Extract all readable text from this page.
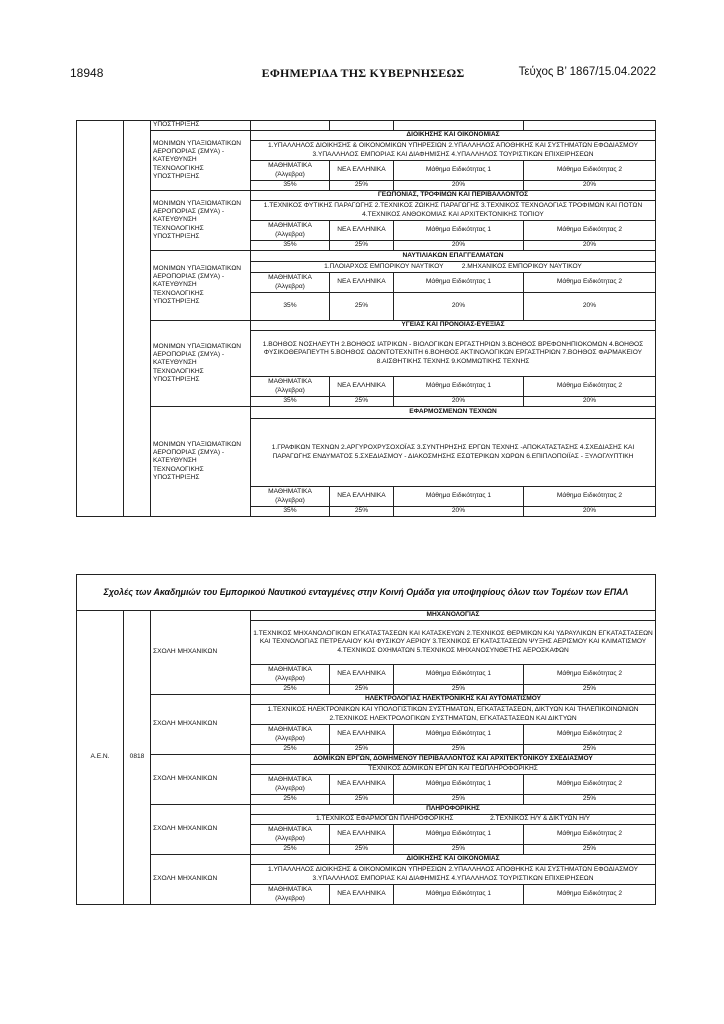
18948	ΕΦΗΜΕΡΙΔΑ ΤΗΣ ΚΥΒΕΡΝΗΣΕΩΣ	Τεύχος Β’ 1867/15.04.2022
		ΥΠΟΣΤΗΡΙΞΗΣ				
		ΜΟΝΙΜΩΝ ΥΠΑΞΙΩΜΑΤΙΚΩΝ ΑΕΡΟΠΟΡΙΑΣ (ΣΜΥΑ) - ΚΑΤΕΥΘΥΝΣΗ ΤΕΧΝΟΛΟΓΙΚΗΣ ΥΠΟΣΤΗΡΙΞΗΣ	ΔΙΟΙΚΗΣΗΣ ΚΑΙ ΟΙΚΟΝΟΜΙΑΣ			
			1.ΥΠΑΛΛΗΛΟΣ ΔΙΟΙΚΗΣΗΣ & ΟΙΚΟΝΟΜΙΚΩΝ ΥΠΗΡΕΣΙΩΝ 2.ΥΠΑΛΛΗΛΟΣ ΑΠΟΘΗΚΗΣ ΚΑΙ ΣΥΣΤΗΜΑΤΩΝ ΕΦΟΔΙΑΣΜΟΥ 3.ΥΠΑΛΛΗΛΟΣ ΕΜΠΟΡΙΑΣ ΚΑΙ ΔΙΑΦΗΜΙΣΗΣ 4.ΥΠΑΛΛΗΛΟΣ ΤΟΥΡΙΣΤΙΚΩΝ ΕΠΙΧΕΙΡΗΣΕΩΝ			
			ΜΑΘΗΜΑΤΙΚΑ (Άλγεβρα)	ΝΕΑ ΕΛΛΗΝΙΚΑ	Μάθημα Ειδικότητας 1	Μάθημα Ειδικότητας 2
			35%	25%	20%	20%
		ΜΟΝΙΜΩΝ ΥΠΑΞΙΩΜΑΤΙΚΩΝ ΑΕΡΟΠΟΡΙΑΣ (ΣΜΥΑ) - ΚΑΤΕΥΘΥΝΣΗ ΤΕΧΝΟΛΟΓΙΚΗΣ ΥΠΟΣΤΗΡΙΞΗΣ	ΓΕΩΠΟΝΙΑΣ, ΤΡΟΦΙΜΩΝ ΚΑΙ ΠΕΡΙΒΑΛΛΟΝΤΟΣ			
			1.ΤΕΧΝΙΚΟΣ ΦΥΤΙΚΗΣ ΠΑΡΑΓΩΓΗΣ 2.ΤΕΧΝΙΚΟΣ ΖΩΙΚΗΣ ΠΑΡΑΓΩΓΗΣ 3.ΤΕΧΝΙΚΟΣ ΤΕΧΝΟΛΟΓΙΑΣ ΤΡΟΦΙΜΩΝ ΚΑΙ ΠΟΤΩΝ 4.ΤΕΧΝΙΚΟΣ ΑΝΘΟΚΟΜΙΑΣ ΚΑΙ ΑΡΧΙΤΕΚΤΟΝΙΚΗΣ ΤΟΠΙΟΥ			
			ΜΑΘΗΜΑΤΙΚΑ (Άλγεβρα)	ΝΕΑ ΕΛΛΗΝΙΚΑ	Μάθημα Ειδικότητας 1	Μάθημα Ειδικότητας 2
			35%	25%	20%	20%
		ΜΟΝΙΜΩΝ ΥΠΑΞΙΩΜΑΤΙΚΩΝ ΑΕΡΟΠΟΡΙΑΣ (ΣΜΥΑ) - ΚΑΤΕΥΘΥΝΣΗ ΤΕΧΝΟΛΟΓΙΚΗΣ ΥΠΟΣΤΗΡΙΞΗΣ	ΝΑΥΤΙΛΙΑΚΩΝ ΕΠΑΓΓΕΛΜΑΤΩΝ			
			1.ΠΛΟΙΑΡΧΟΣ ΕΜΠΟΡΙΚΟΥ ΝΑΥΤΙΚΟΥ          2.ΜΗΧΑΝΙΚΟΣ ΕΜΠΟΡΙΚΟΥ ΝΑΥΤΙΚΟΥ			
			ΜΑΘΗΜΑΤΙΚΑ (Άλγεβρα)	ΝΕΑ ΕΛΛΗΝΙΚΑ	Μάθημα Ειδικότητας 1	Μάθημα Ειδικότητας 2
			35%	25%	20%	20%
		ΜΟΝΙΜΩΝ ΥΠΑΞΙΩΜΑΤΙΚΩΝ ΑΕΡΟΠΟΡΙΑΣ (ΣΜΥΑ) - ΚΑΤΕΥΘΥΝΣΗ ΤΕΧΝΟΛΟΓΙΚΗΣ ΥΠΟΣΤΗΡΙΞΗΣ	ΥΓΕΙΑΣ ΚΑΙ ΠΡΟΝΟΙΑΣ-ΕΥΕΞΙΑΣ			
			1.ΒΟΗΘΟΣ ΝΟΣΗΛΕΥΤΗ 2.ΒΟΗΘΟΣ ΙΑΤΡΙΚΩΝ - ΒΙΟΛΟΓΙΚΩΝ ΕΡΓΑΣΤΗΡΙΩΝ 3.ΒΟΗΘΟΣ ΒΡΕΦΟΝΗΠΙΟΚΟΜΩΝ 4.ΒΟΗΘΟΣ ΦΥΣΙΚΟΘΕΡΑΠΕΥΤΗ 5.ΒΟΗΘΟΣ ΟΔΟΝΤΟΤΕΧΝΙΤΗ 6.ΒΟΗΘΟΣ ΑΚΤΙΝΟΛΟΓΙΚΩΝ ΕΡΓΑΣΤΗΡΙΩΝ 7.ΒΟΗΘΟΣ ΦΑΡΜΑΚΕΙΟΥ 8.ΑΙΣΘΗΤΙΚΗΣ ΤΕΧΝΗΣ 9.ΚΟΜΜΩΤΙΚΗΣ ΤΕΧΝΗΣ			
			ΜΑΘΗΜΑΤΙΚΑ (Άλγεβρα)	ΝΕΑ ΕΛΛΗΝΙΚΑ	Μάθημα Ειδικότητας 1	Μάθημα Ειδικότητας 2
			35%	25%	20%	20%
		ΜΟΝΙΜΩΝ ΥΠΑΞΙΩΜΑΤΙΚΩΝ ΑΕΡΟΠΟΡΙΑΣ (ΣΜΥΑ) - ΚΑΤΕΥΘΥΝΣΗ ΤΕΧΝΟΛΟΓΙΚΗΣ ΥΠΟΣΤΗΡΙΞΗΣ	ΕΦΑΡΜΟΣΜΕΝΩΝ ΤΕΧΝΩΝ			
			1.ΓΡΑΦΙΚΩΝ ΤΕΧΝΩΝ 2.ΑΡΓΥΡΟΧΡΥΣΟΧΟΪΑΣ 3.ΣΥΝΤΗΡΗΣΗΣ ΕΡΓΩΝ ΤΕΧΝΗΣ -ΑΠΟΚΑΤΑΣΤΑΣΗΣ 4.ΣΧΕΔΙΑΣΗΣ ΚΑΙ ΠΑΡΑΓΩΓΗΣ ΕΝΔΥΜΑΤΟΣ 5.ΣΧΕΔΙΑΣΜΟΥ - ΔΙΑΚΟΣΜΗΣΗΣ ΕΣΩΤΕΡΙΚΩΝ ΧΩΡΩΝ 6.ΕΠΙΠΛΟΠΟΙΪΑΣ - ΞΥΛΟΓΛΥΠΤΙΚΗ			
			ΜΑΘΗΜΑΤΙΚΑ (Άλγεβρα)	ΝΕΑ ΕΛΛΗΝΙΚΑ	Μάθημα Ειδικότητας 1	Μάθημα Ειδικότητας 2
			35%	25%	20%	20%
Σχολές των Ακαδημιών του Εμπορικού Ναυτικού ενταγμένες στην Κοινή Ομάδα για υποψηφίους όλων των Τομέων των ΕΠΑΛ						
Α.Ε.Ν.	0818	ΣΧΟΛΗ ΜΗΧΑΝΙΚΩΝ	ΜΗΧΑΝΟΛΟΓΙΑΣ			
			1.ΤΕΧΝΙΚΟΣ ΜΗΧΑΝΟΛΟΓΙΚΩΝ ΕΓΚΑΤΑΣΤΑΣΕΩΝ ΚΑΙ ΚΑΤΑΣΚΕΥΩΝ 2.ΤΕΧΝΙΚΟΣ ΘΕΡΜΙΚΩΝ ΚΑΙ ΥΔΡΑΥΛΙΚΩΝ ΕΓΚΑΤΑΣΤΑΣΕΩΝ ΚΑΙ ΤΕΧΝΟΛΟΓΙΑΣ ΠΕΤΡΕΛΑΙΟΥ ΚΑΙ ΦΥΣΙΚΟΥ ΑΕΡΙΟΥ 3.ΤΕΧΝΙΚΟΣ ΕΓΚΑΤΑΣΤΑΣΕΩΝ ΨΥΞΗΣ ΑΕΡΙΣΜΟΥ ΚΑΙ ΚΛΙΜΑΤΙΣΜΟΥ 4.ΤΕΧΝΙΚΟΣ ΟΧΗΜΑΤΩΝ 5.ΤΕΧΝΙΚΟΣ ΜΗΧΑΝΟΣΥΝΘΕΤΗΣ ΑΕΡΟΣΚΑΦΩΝ			
			ΜΑΘΗΜΑΤΙΚΑ (Άλγεβρα)	ΝΕΑ ΕΛΛΗΝΙΚΑ	Μάθημα Ειδικότητας 1	Μάθημα Ειδικότητας 2
			25%	25%	25%	25%
		ΣΧΟΛΗ ΜΗΧΑΝΙΚΩΝ	ΗΛΕΚΤΡΟΛΟΓΙΑΣ ΗΛΕΚΤΡΟΝΙΚΗΣ ΚΑΙ ΑΥΤΟΜΑΤΙΣΜΟΥ			
			1.ΤΕΧΝΙΚΟΣ ΗΛΕΚΤΡΟΝΙΚΩΝ ΚΑΙ ΥΠΟΛΟΓΙΣΤΙΚΩΝ ΣΥΣΤΗΜΑΤΩΝ, ΕΓΚΑΤΑΣΤΑΣΕΩΝ, ΔΙΚΤΥΩΝ ΚΑΙ ΤΗΛΕΠΙΚΟΙΝΩΝΙΩΝ 2.ΤΕΧΝΙΚΟΣ ΗΛΕΚΤΡΟΛΟΓΙΚΩΝ ΣΥΣΤΗΜΑΤΩΝ, ΕΓΚΑΤΑΣΤΑΣΕΩΝ ΚΑΙ ΔΙΚΤΥΩΝ			
			ΜΑΘΗΜΑΤΙΚΑ (Άλγεβρα)	ΝΕΑ ΕΛΛΗΝΙΚΑ	Μάθημα Ειδικότητας 1	Μάθημα Ειδικότητας 2
			25%	25%	25%	25%
		ΣΧΟΛΗ ΜΗΧΑΝΙΚΩΝ	ΔΟΜΙΚΩΝ ΕΡΓΩΝ, ΔΟΜΗΜΕΝΟΥ ΠΕΡΙΒΑΛΛΟΝΤΟΣ ΚΑΙ ΑΡΧΙΤΕΚΤΟΝΙΚΟΥ ΣΧΕΔΙΑΣΜΟΥ			
			ΤΕΧΝΙΚΟΣ ΔΟΜΙΚΩΝ ΕΡΓΩΝ ΚΑΙ ΓΕΩΠΛΗΡΟΦΟΡΙΚΗΣ			
			ΜΑΘΗΜΑΤΙΚΑ (Άλγεβρα)	ΝΕΑ ΕΛΛΗΝΙΚΑ	Μάθημα Ειδικότητας 1	Μάθημα Ειδικότητας 2
			25%	25%	25%	25%
		ΣΧΟΛΗ ΜΗΧΑΝΙΚΩΝ	ΠΛΗΡΟΦΟΡΙΚΗΣ			
			1.ΤΕΧΝΙΚΟΣ ΕΦΑΡΜΟΓΩΝ ΠΛΗΡΟΦΟΡΙΚΗΣ                    2.ΤΕΧΝΙΚΟΣ Η/Υ & ΔΙΚΤΥΩΝ Η/Υ			
			ΜΑΘΗΜΑΤΙΚΑ (Άλγεβρα)	ΝΕΑ ΕΛΛΗΝΙΚΑ	Μάθημα Ειδικότητας 1	Μάθημα Ειδικότητας 2
			25%	25%	25%	25%
		ΣΧΟΛΗ ΜΗΧΑΝΙΚΩΝ	ΔΙΟΙΚΗΣΗΣ ΚΑΙ ΟΙΚΟΝΟΜΙΑΣ			
			1.ΥΠΑΛΛΗΛΟΣ ΔΙΟΙΚΗΣΗΣ & ΟΙΚΟΝΟΜΙΚΩΝ ΥΠΗΡΕΣΙΩΝ 2.ΥΠΑΛΛΗΛΟΣ ΑΠΟΘΗΚΗΣ ΚΑΙ ΣΥΣΤΗΜΑΤΩΝ ΕΦΟΔΙΑΣΜΟΥ 3.ΥΠΑΛΛΗΛΟΣ ΕΜΠΟΡΙΑΣ ΚΑΙ ΔΙΑΦΗΜΙΣΗΣ 4.ΥΠΑΛΛΗΛΟΣ ΤΟΥΡΙΣΤΙΚΩΝ ΕΠΙΧΕΙΡΗΣΕΩΝ			
			ΜΑΘΗΜΑΤΙΚΑ (Άλγεβρα)	ΝΕΑ ΕΛΛΗΝΙΚΑ	Μάθημα Ειδικότητας 1	Μάθημα Ειδικότητας 2
